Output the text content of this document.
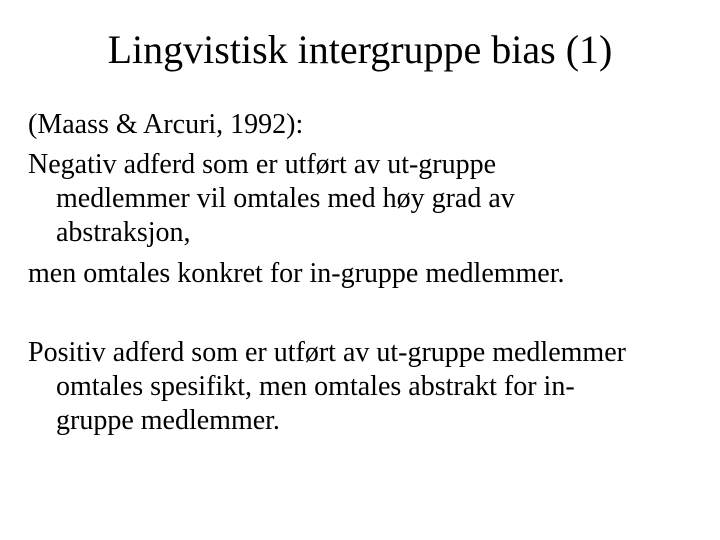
Lingvistisk intergruppe bias (1)

(Maass & Arcuri, 1992):

Negativ adferd som er utført av ut-gruppe
medlemmer vil omtales med høy grad av
abstraksjon,

men omtales konkret for in-gruppe medlemmer.

Positiv adferd som er utført av ut-gruppe medlemmer
omtales spesifikt, men omtales abstrakt for in-
gruppe medlemmer.
